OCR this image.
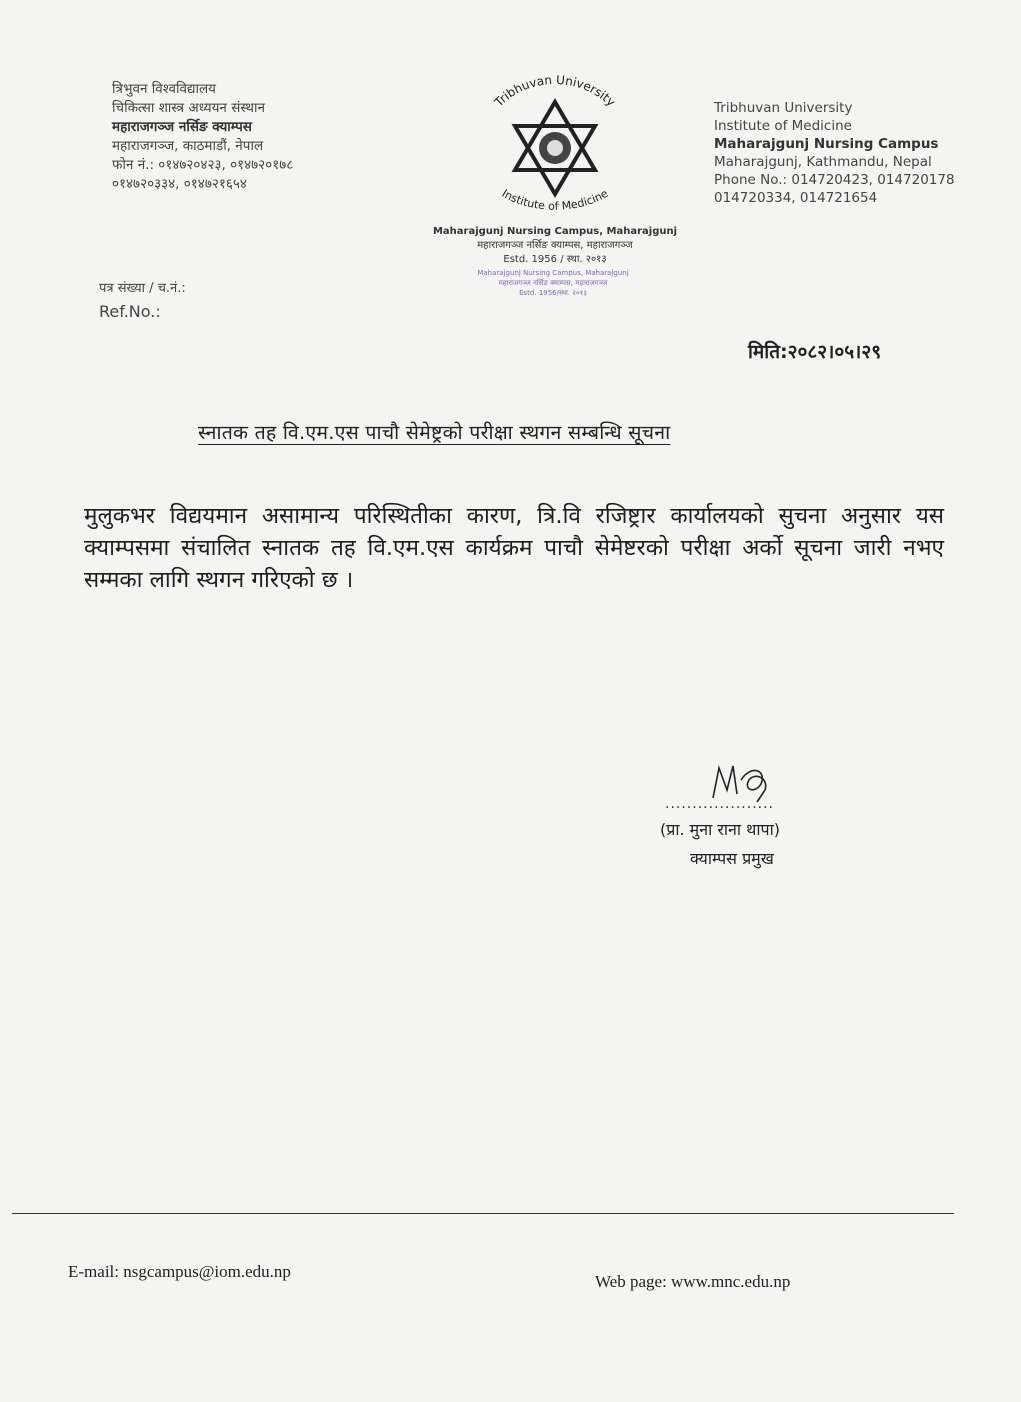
त्रिभुवन विश्वविद्यालय
चिकित्सा शास्त्र अध्ययन संस्थान
महाराजगञ्ज नर्सिङ क्याम्पस
महाराजगञ्ज, काठमाडौं, नेपाल
फोन नं.: ०१४७२०४२३, ०१४७२०१७८
०१४७२०३३४, ०१४७२१६५४
Tribhuvan University
Institute of Medicine
Maharajgunj Nursing Campus, Maharajgunj
महाराजगञ्ज नर्सिङ क्याम्पस, महाराजगञ्ज
Estd. 1956 / स्था. २०१३
Maharajgunj Nursing Campus, Maharajgunj
महाराजगञ्ज नर्सिङ क्याम्पस, महाराजगञ्ज
Estd. 1956/स्था. २०१३
Tribhuvan University
Institute of Medicine
Maharajgunj Nursing Campus
Maharajgunj, Kathmandu, Nepal
Phone No.: 014720423, 014720178
014720334, 014721654
पत्र संख्या / च.नं.:
Ref.No.:
मिति:२०८२।०५।२९
स्नातक तह वि.एम.एस पाचौ सेमेष्ट्रको परीक्षा स्थगन सम्बन्धि सूचना
मुलुकभर विद्ययमान असामान्य परिस्थितीका कारण, त्रि.वि रजिष्ट्रार कार्यालयको सुचना अनुसार यस क्याम्पसमा संचालित स्नातक तह वि.एम.एस कार्यक्रम पाचौ सेमेष्टरको परीक्षा अर्को सूचना जारी नभए सम्मका लागि स्थगन गरिएको छ ।
....................
(प्रा. मुना राना थापा)
क्याम्पस प्रमुख
E-mail: nsgcampus@iom.edu.np
Web page: www.mnc.edu.np
